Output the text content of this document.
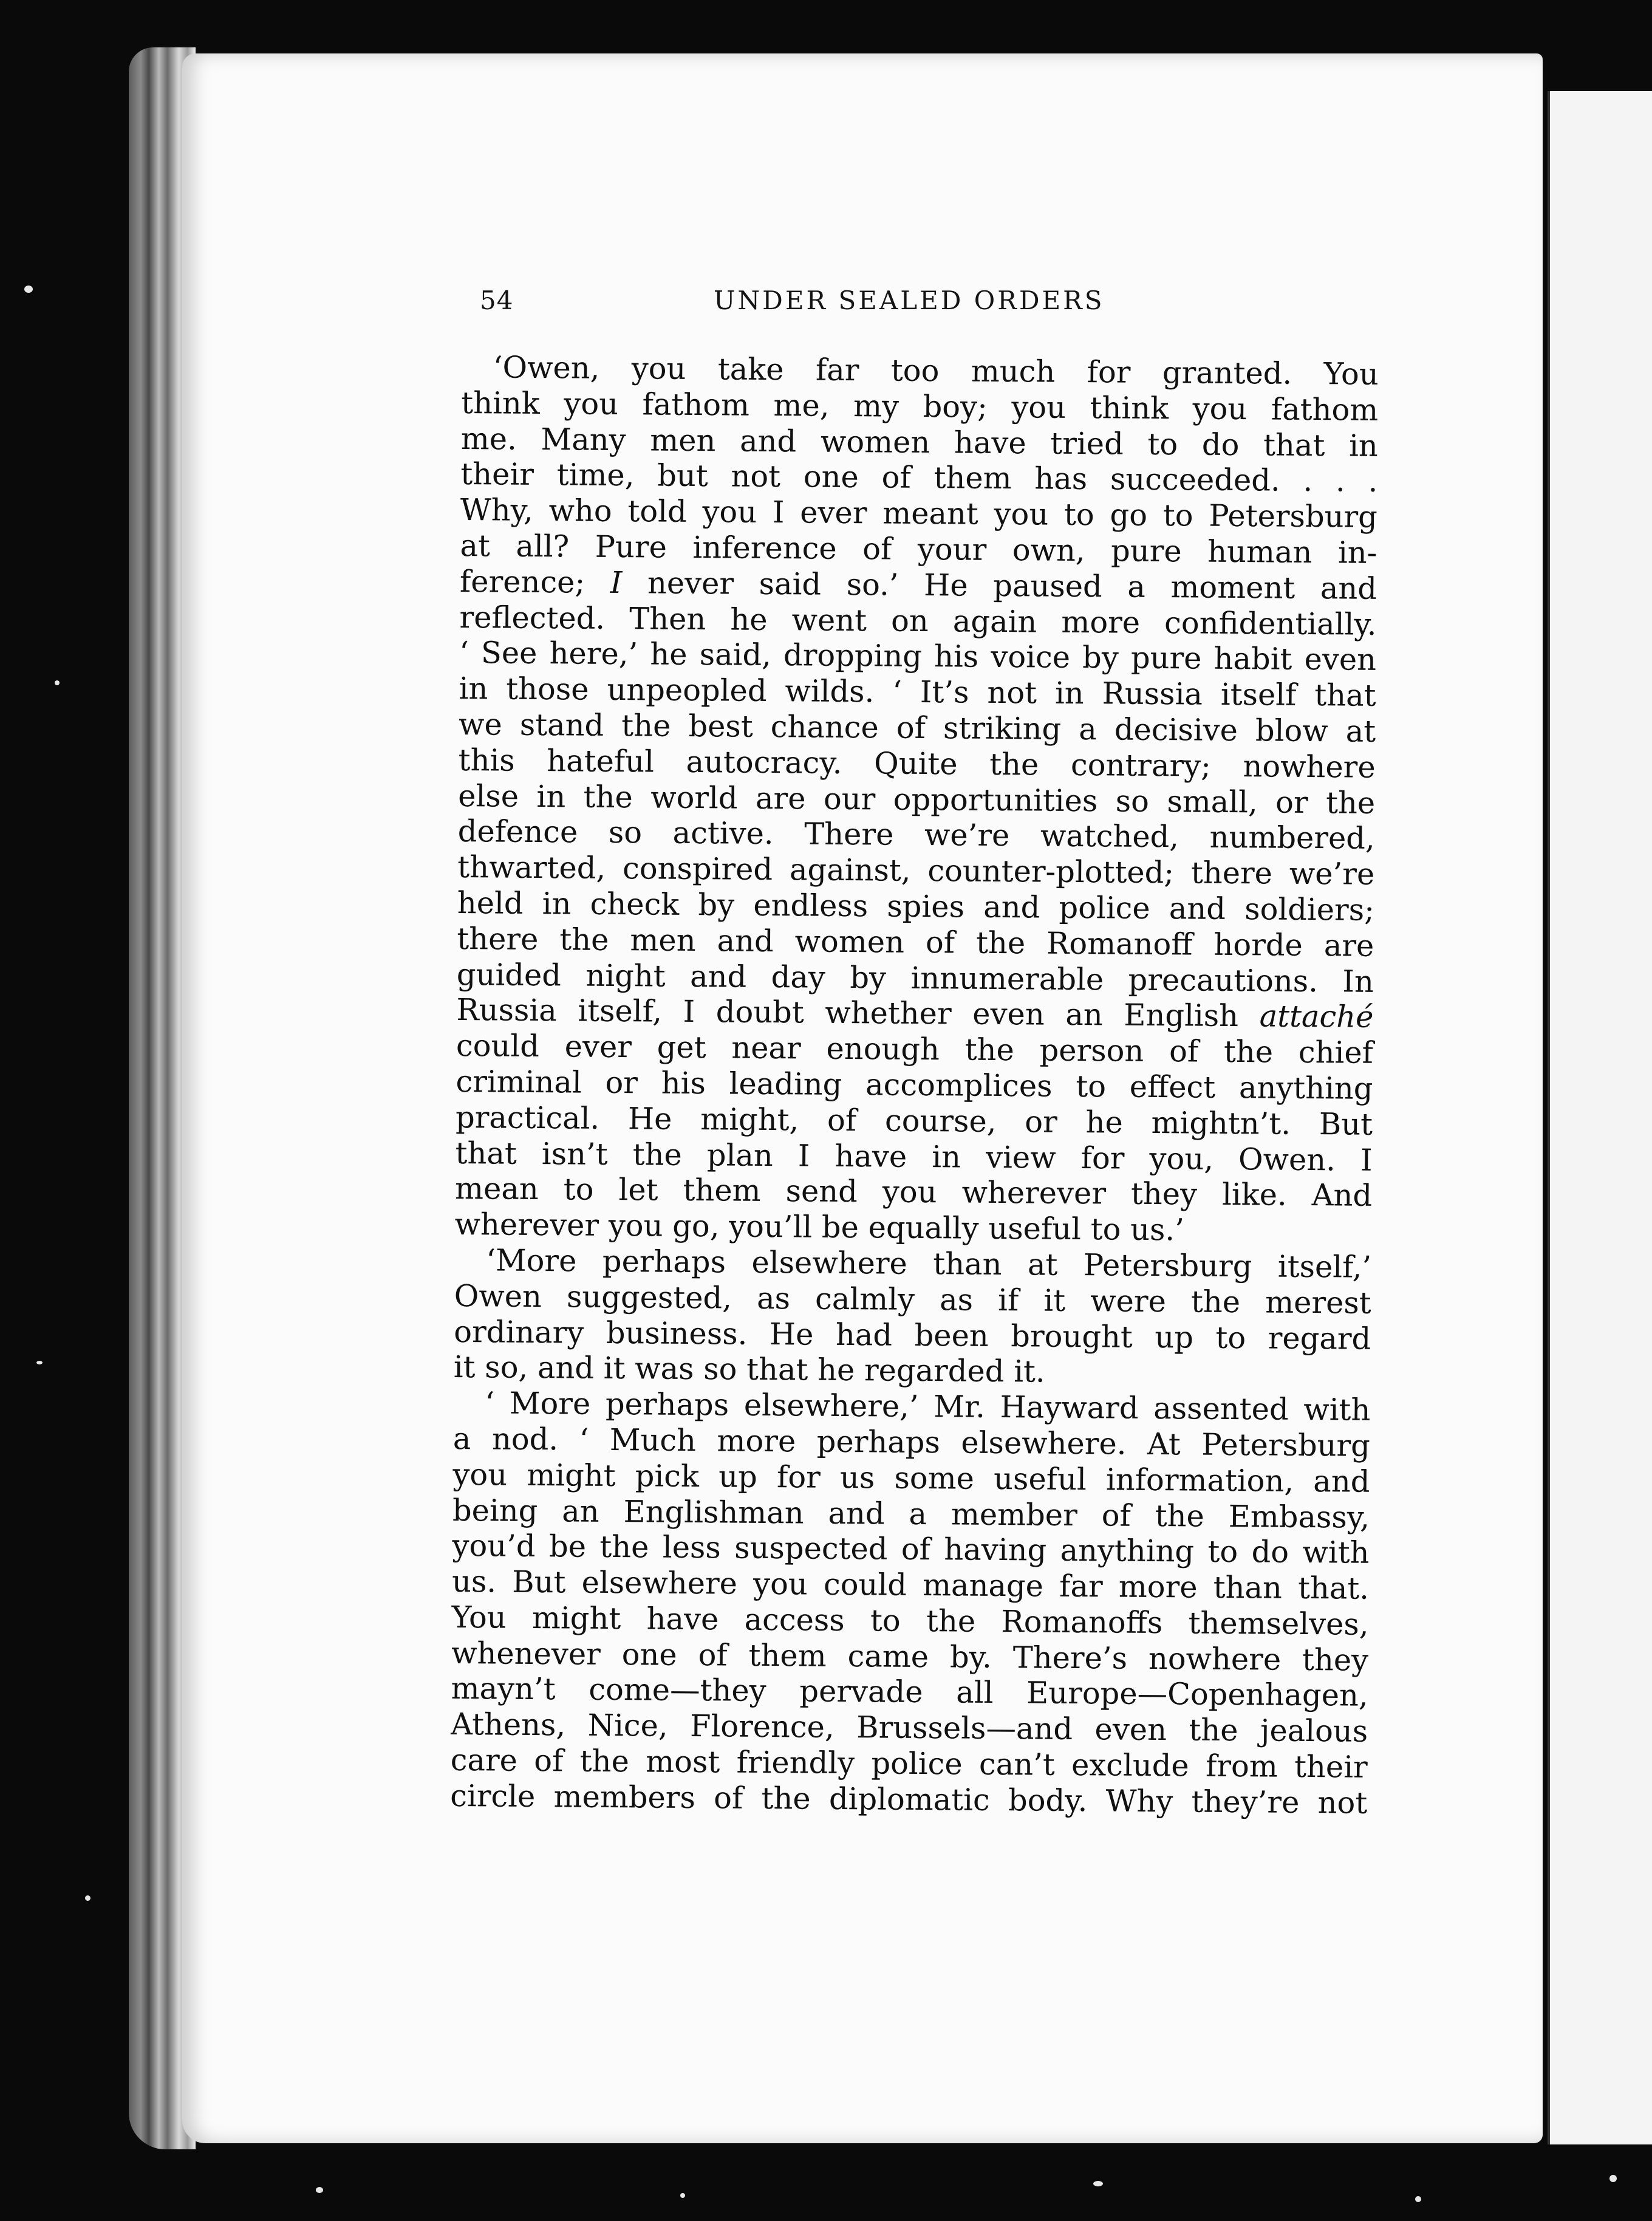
54	UNDER SEALED ORDERS
‘Owen, you take far too much for granted. You
think you fathom me, my boy; you think you fathom
me. Many men and women have tried to do that in
their time, but not one of them has succeeded. . . .
Why, who told you I ever meant you to go to Petersburg
at all? Pure inference of your own, pure human in-
ference; I never said so.’ He paused a moment and
reflected. Then he went on again more confidentially.
‘ See here,’ he said, dropping his voice by pure habit even
in those unpeopled wilds. ‘ It’s not in Russia itself that
we stand the best chance of striking a decisive blow at
this hateful autocracy. Quite the contrary; nowhere
else in the world are our opportunities so small, or the
defence so active. There we’re watched, numbered,
thwarted, conspired against, counter-plotted; there we’re
held in check by endless spies and police and soldiers;
there the men and women of the Romanoff horde are
guided night and day by innumerable precautions. In
Russia itself, I doubt whether even an English attaché
could ever get near enough the person of the chief
criminal or his leading accomplices to effect anything
practical. He might, of course, or he mightn’t. But
that isn’t the plan I have in view for you, Owen. I
mean to let them send you wherever they like. And
wherever you go, you’ll be equally useful to us.’
‘More perhaps elsewhere than at Petersburg itself,’
Owen suggested, as calmly as if it were the merest
ordinary business. He had been brought up to regard
it so, and it was so that he regarded it.
‘ More perhaps elsewhere,’ Mr. Hayward assented with
a nod. ‘ Much more perhaps elsewhere. At Petersburg
you might pick up for us some useful information, and
being an Englishman and a member of the Embassy,
you’d be the less suspected of having anything to do with
us. But elsewhere you could manage far more than that.
You might have access to the Romanoffs themselves,
whenever one of them came by. There’s nowhere they
mayn’t come—they pervade all Europe—Copenhagen,
Athens, Nice, Florence, Brussels—and even the jealous
care of the most friendly police can’t exclude from their
circle members of the diplomatic body. Why they’re not
